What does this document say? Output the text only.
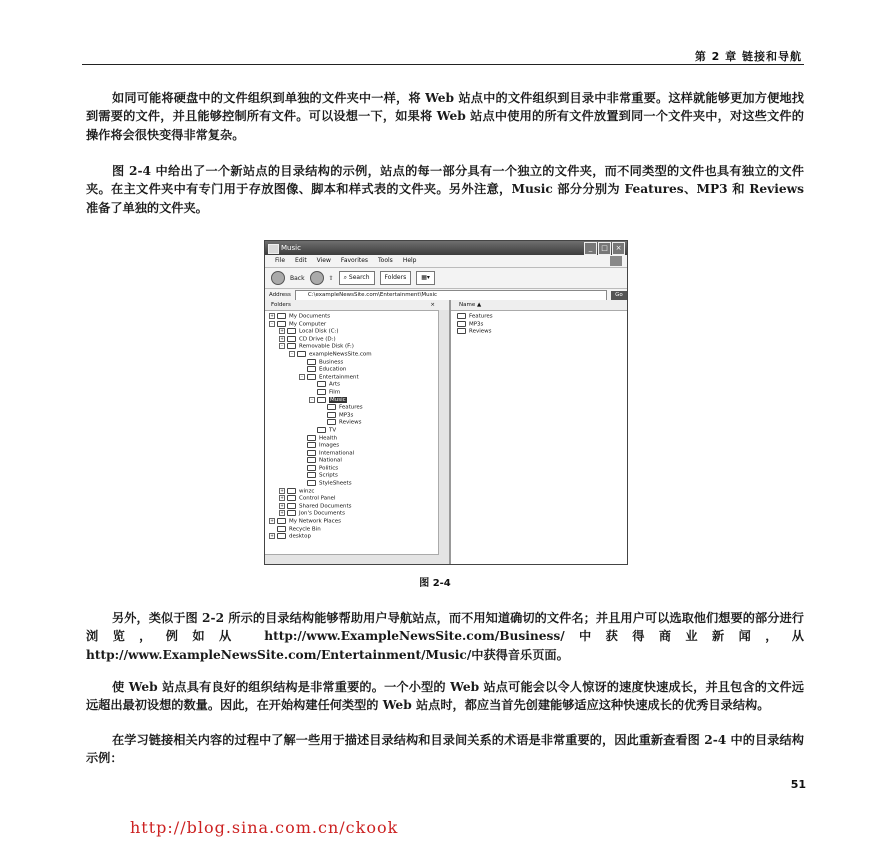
第 2 章 链接和导航

如同可能将硬盘中的文件组织到单独的文件夹中一样，将 Web 站点中的文件组织到目录中非常重要。这样就能够更加方便地找到需要的文件，并且能够控制所有文件。可以设想一下，如果将 Web 站点中使用的所有文件放置到同一个文件夹中，对这些文件的操作将会很快变得非常复杂。

图 2-4 中给出了一个新站点的目录结构的示例，站点的每一部分具有一个独立的文件夹，而不同类型的文件也具有独立的文件夹。在主文件夹中有专门用于存放图像、脚本和样式表的文件夹。另外注意，Music 部分分别为 Features、MP3 和 Reviews 准备了单独的文件夹。

Music	_	□	×
File Edit View Favorites Tools Help
Back	⇧	⌕ Search	Folders	▦▾
Address	C:\exampleNewsSite.com\Entertainment\Music	Go
Folders	×
+	My Documents
-	My Computer
+	Local Disk (C:)
+	CD Drive (D:)
-	Removable Disk (F:)
-	exampleNewsSite.com
Business
Education
-	Entertainment
Arts
Film
-	Music
Features
MP3s
Reviews
TV
Health
Images
International
National
Politics
Scripts
StyleSheets
+	winzc
+	Control Panel
+	Shared Documents
+	Jon's Documents
+	My Network Places
Recycle Bin
+	desktop
Name ▲
Features
MP3s
Reviews
图 2-4

另外，类似于图 2-2 所示的目录结构能够帮助用户导航站点，而不用知道确切的文件名；并且用户可以选取他们想要的部分进行浏览，例如从 http://www.ExampleNewsSite.com/Business/中获得商业新闻，从 http://www.ExampleNewsSite.com/Entertainment/Music/中获得音乐页面。

使 Web 站点具有良好的组织结构是非常重要的。一个小型的 Web 站点可能会以令人惊讶的速度快速成长，并且包含的文件远远超出最初设想的数量。因此，在开始构建任何类型的 Web 站点时，都应当首先创建能够适应这种快速成长的优秀目录结构。

在学习链接相关内容的过程中了解一些用于描述目录结构和目录间关系的术语是非常重要的，因此重新查看图 2-4 中的目录结构示例：

51
http://blog.sina.com.cn/ckook
